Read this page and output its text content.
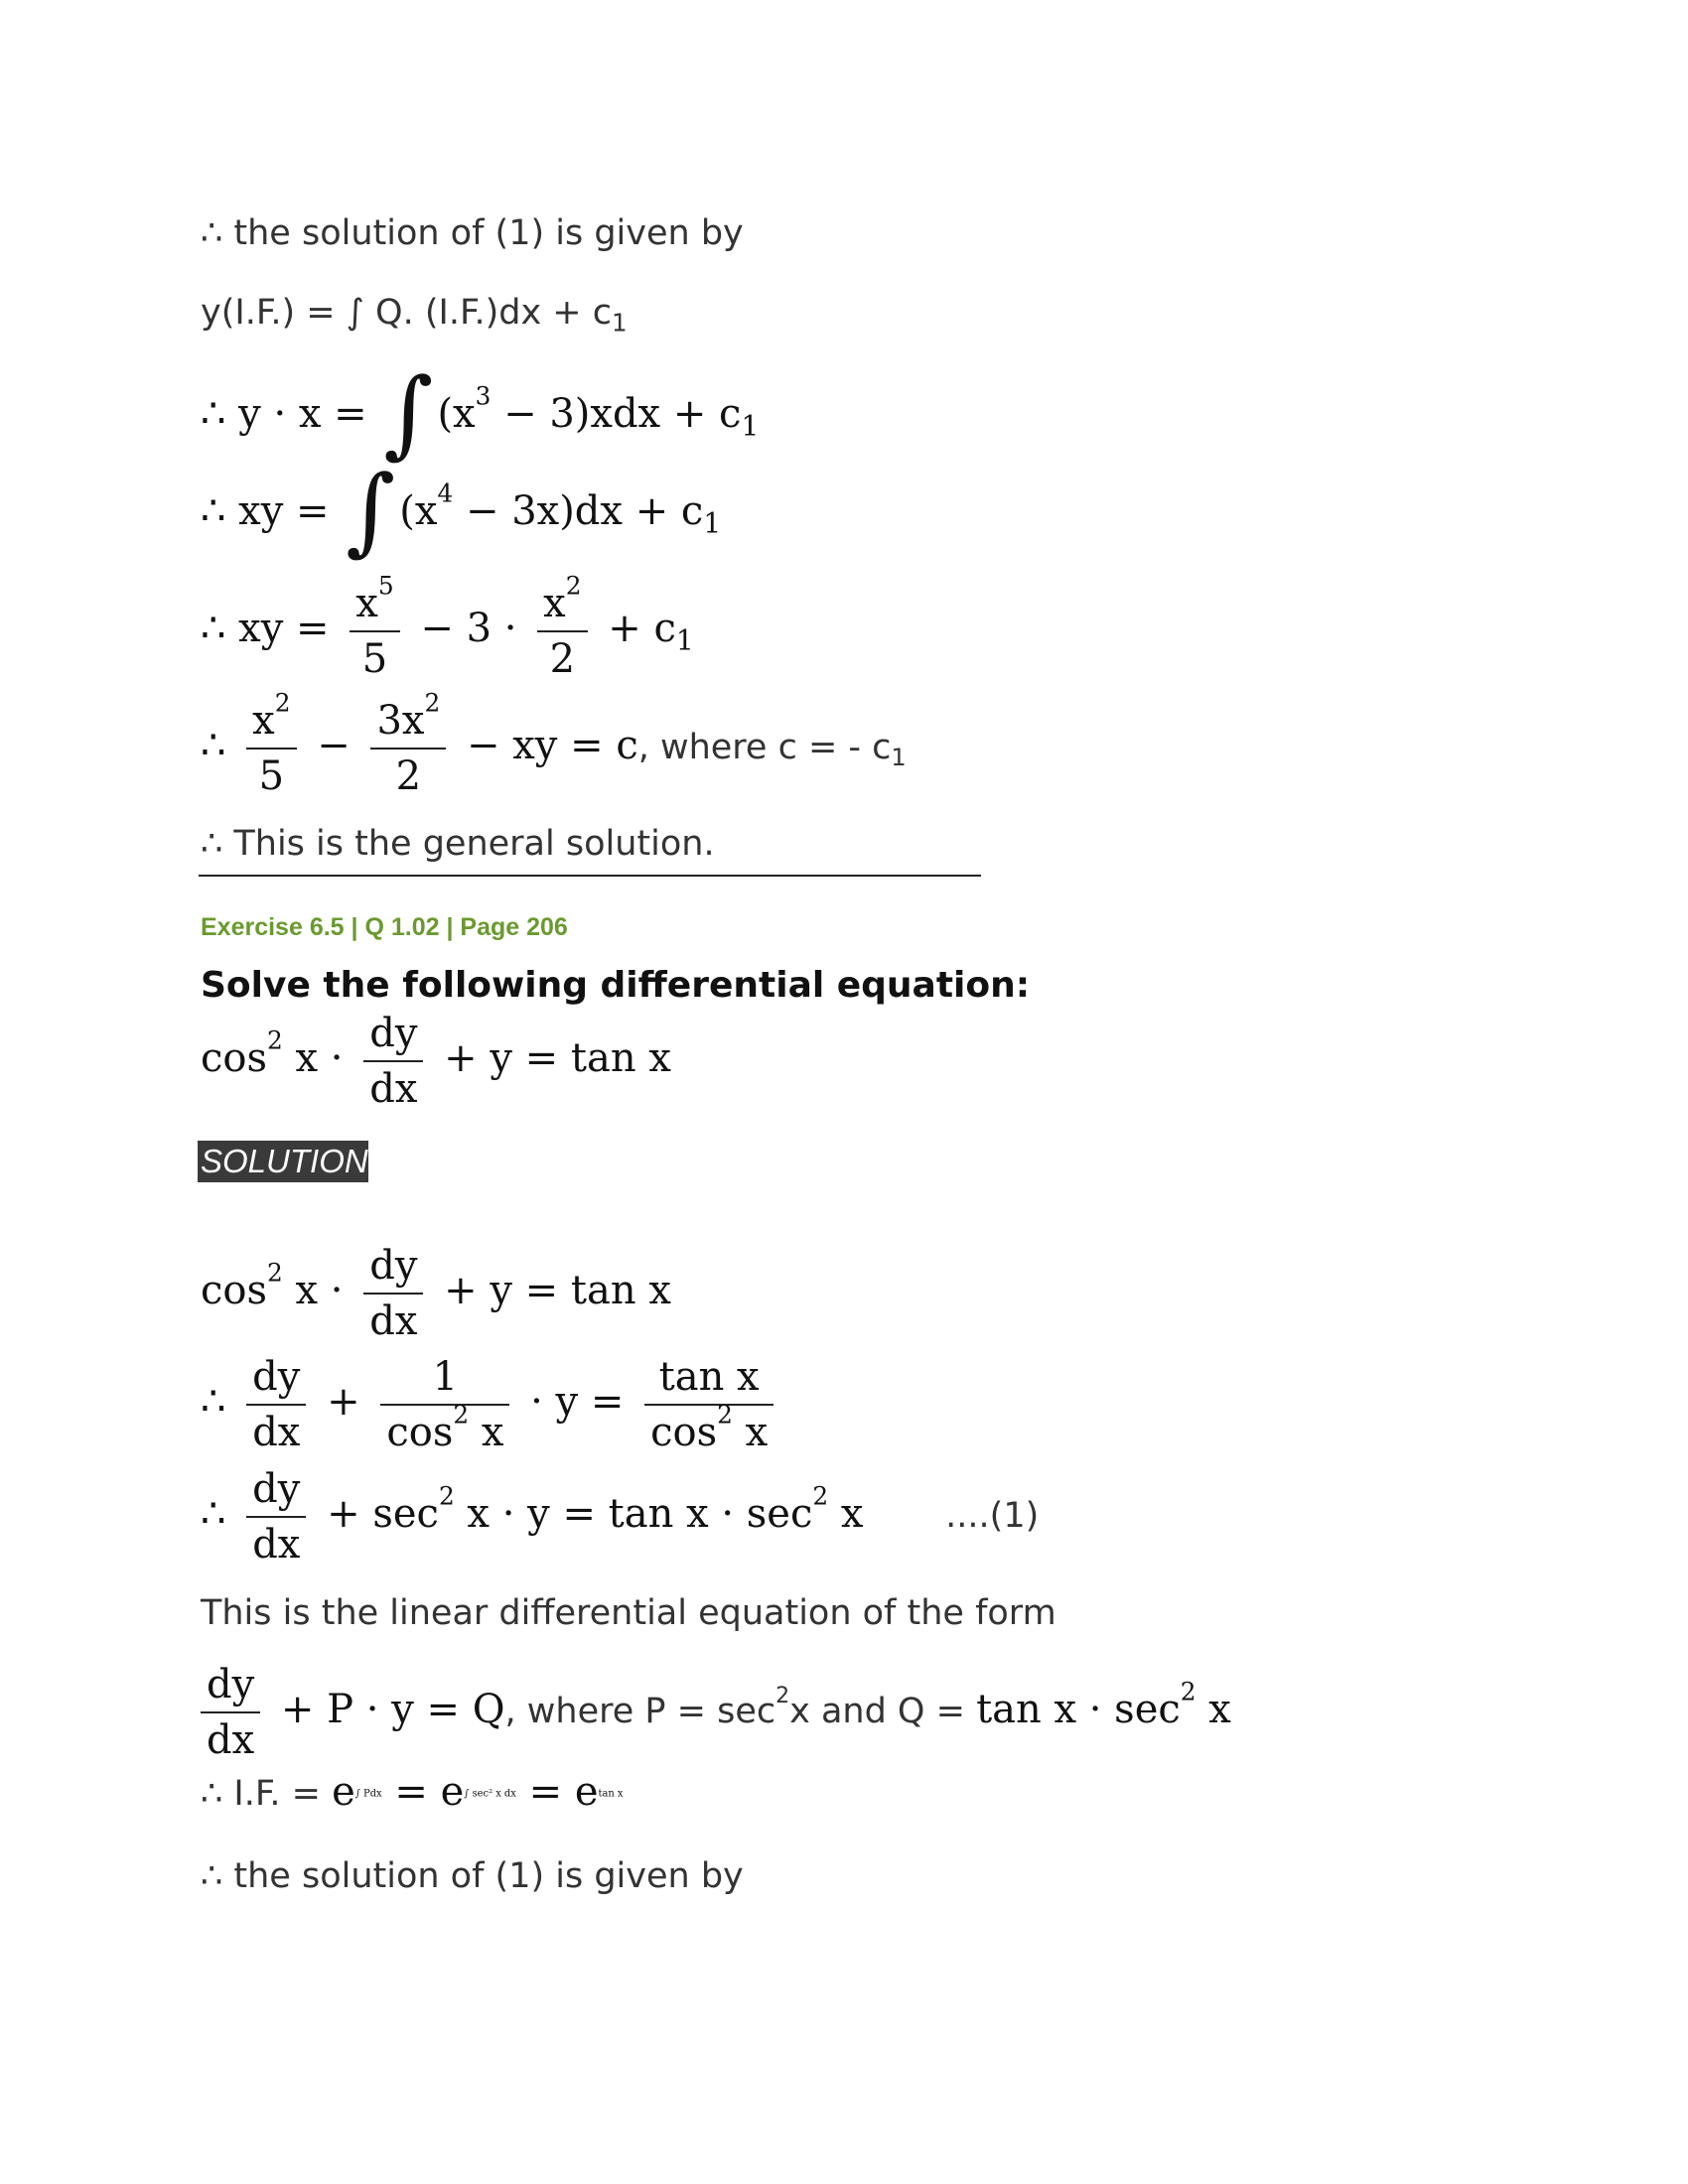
∴ the solution of (1) is given by
y(I.F.) = ∫ Q. $(I.F.)dx + c_1$
∴ y · x = ∫ $(x^3 - 3)xdx + c_1$
∴ xy = ∫ $(x^4 - 3x)dx + c_1$
∴ xy = $\frac{x^5}{5} - 3 \cdot \frac{x^2}{2} + c_1$
∴ $\frac{x^2}{5} - \frac{3x^2}{2}$ − xy = c, where c = - $c_1$
∴ This is the general solution.
Exercise 6.5 | Q 1.02 | Page 206
Solve the following differential equation:
$\cos^2 x \cdot \frac{dy}{dx} + y = \tan x$
SOLUTION
$\cos^2 x \cdot \frac{dy}{dx} + y = \tan x$
∴ $\frac{dy}{dx} + \frac{1}{\cos^2 x} \cdot y = \frac{\text{tan x}}{\cos^2 x}$
∴ $\frac{dy}{dx} + \sec^2 x \cdot y = \tan x \cdot \sec^2 x$ ....(1)
This is the linear differential equation of the form
$\frac{dy}{dx} + P \cdot y = Q$, where $P = \sec^2x$ and $Q = \tan x \cdot \sec^2 x$
∴ I.F. = $e^{\int Pdx} = e^{\int sec^2 x dx} = e^{tan x}$
∴ the solution of (1) is given by
